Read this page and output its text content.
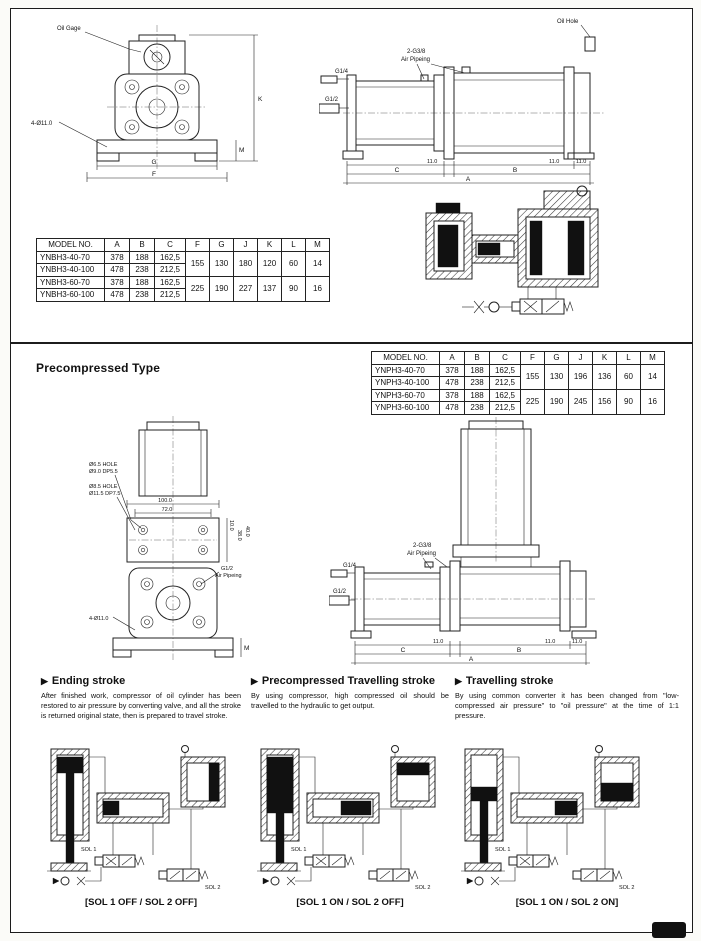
Oil Gage
4-Ø11.0
G
F
K
M
Oil Hole
2-G3/8
Air Pipeing
G1/4
G1/2
11.0	11.0	11.0
C	B
A
MODEL NO.	A	B	C	F	G	J	K	L	M
YNBH3-40-70	378	188	162,5	155	130	180	120	60	14
YNBH3-40-100	478	238	212,5						
YNBH3-60-70	378	188	162,5	225	190	227	137	90	16
YNBH3-60-100	478	238	212,5						
Precompressed Type
MODEL NO.	A	B	C	F	G	J	K	L	M
YNPH3-40-70	378	188	162,5	155	130	196	136	60	14
YNPH3-40-100	478	238	212,5						
YNPH3-60-70	378	188	162,5	225	190	245	156	90	16
YNPH3-60-100	478	238	212,5						
Ø6.5 HOLE
Ø9.0 DP5.5
Ø8.5 HOLE
Ø11.5 DP7.5
100.0
72.0
10.0
38.0 40.0
G1/2
Air Pipeing
4-Ø11.0
M
2-G3/8
Air Pipeing
G1/4
G1/2
11.0	11.0	11.0
C	B
A
▶ Ending stroke

After finished work, compressor of oil cylinder has been restored to air pressure by converting valve, and all the stroke is returned original state, then is prepared to travel stroke.

SOL 1
SOL 2
[SOL 1 OFF / SOL 2 OFF]
▶ Precompressed Travelling stroke

By using compressor, high compressed oil should be travelled to the hydraulic to get output.

SOL 1
SOL 2
[SOL 1 ON / SOL 2 OFF]
▶ Travelling stroke

By using common converter it has been changed from "low-compressed air pressure" to "oil pressure" at the time of 1:1 pressure.

SOL 1
SOL 2
[SOL 1 ON / SOL 2 ON]
